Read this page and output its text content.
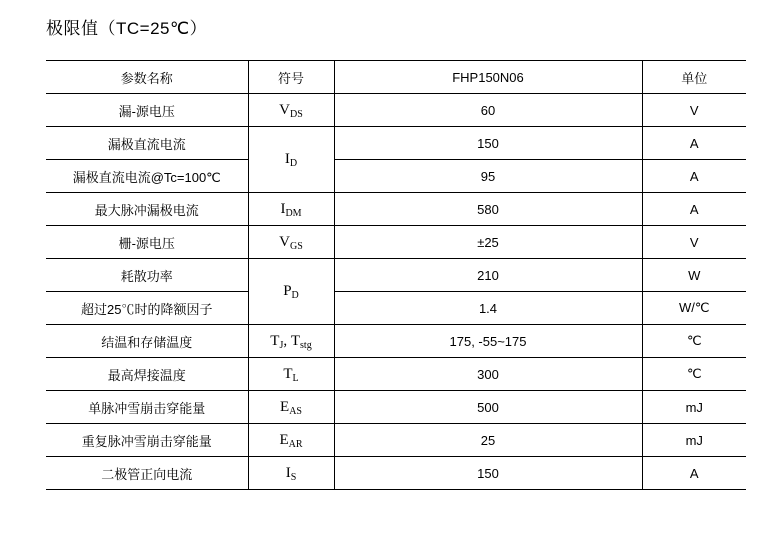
极限值（TC=25℃）
参数名称	符号	FHP150N06	单位
漏-源电压	$V_{DS}$	60	V
漏极直流电流	$I_D$	150	A
漏极直流电流@Tc=100℃		95	A
最大脉冲漏极电流	$I_{DM}$	580	A
栅-源电压	$V_{GS}$	±25	V
耗散功率	$P_D$	210	W
超过25℃时的降额因子		1.4	W/℃
结温和存储温度	$T_J$, $T_{stg}$	175, -55~175	℃
最高焊接温度	$T_L$	300	℃
单脉冲雪崩击穿能量	$E_{AS}$	500	mJ
重复脉冲雪崩击穿能量	$E_{AR}$	25	mJ
二极管正向电流	$I_S$	150	A
